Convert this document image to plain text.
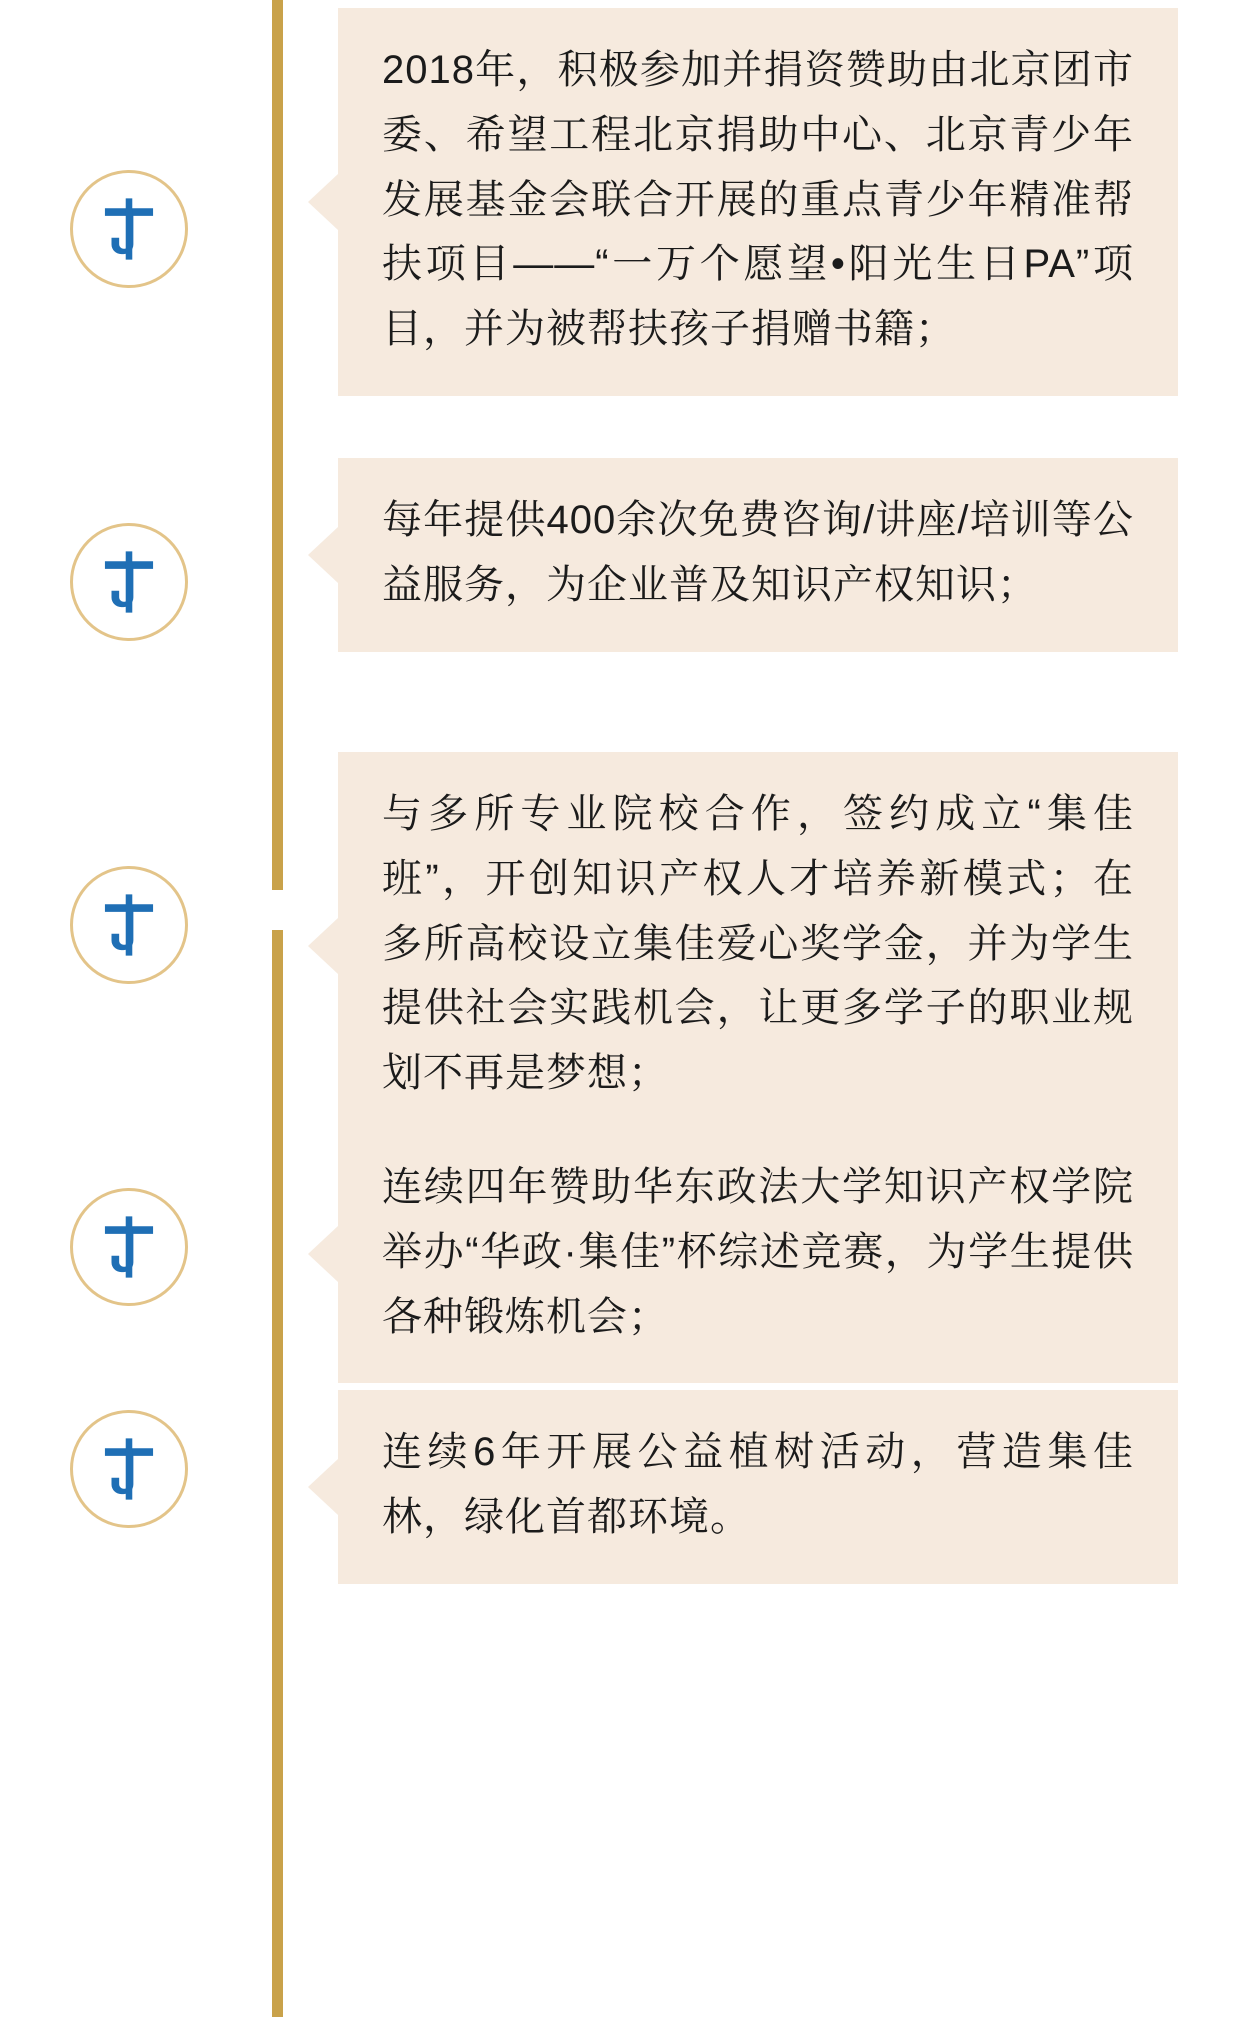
2018年，积极参加并捐资赞助由北京团市委、希望工程北京捐助中心、北京青少年发展基金会联合开展的重点青少年精准帮扶项目——“一万个愿望•阳光生日PA”项目，并为被帮扶孩子捐赠书籍；
每年提供400余次免费咨询/讲座/培训等公益服务，为企业普及知识产权知识；
与多所专业院校合作，签约成立“集佳班”，开创知识产权人才培养新模式；在多所高校设立集佳爱心奖学金，并为学生提供社会实践机会，让更多学子的职业规划不再是梦想；
连续四年赞助华东政法大学知识产权学院举办“华政·集佳”杯综述竞赛，为学生提供各种锻炼机会；
连续6年开展公益植树活动，营造集佳林，绿化首都环境。
